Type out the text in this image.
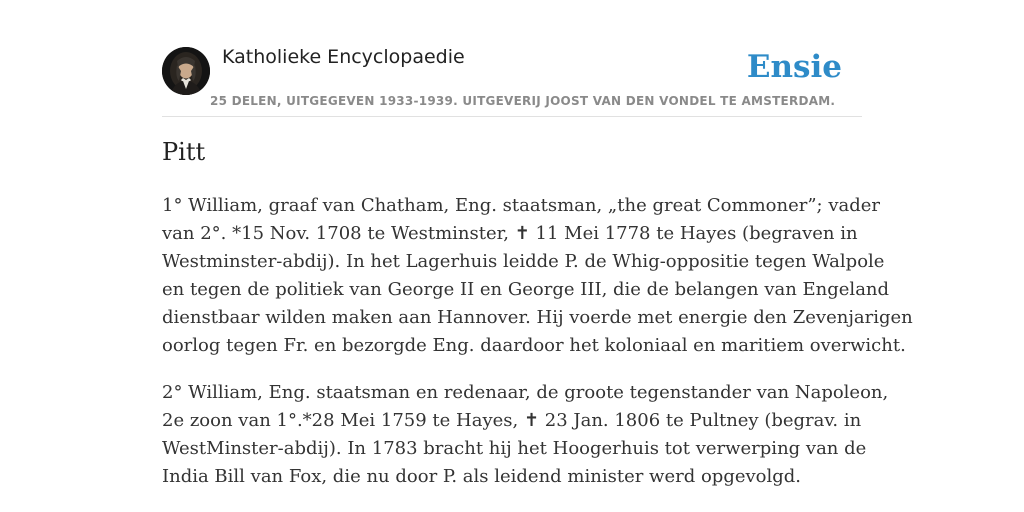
Katholieke Encyclopaedie
25 DELEN, UITGEGEVEN 1933-1939. UITGEVERIJ JOOST VAN DEN VONDEL TE AMSTERDAM.
Ensie
Pitt

1° William, graaf van Chatham, Eng. staatsman, „the great Commoner”; vader
van 2°. *15 Nov. 1708 te Westminster, ✝ 11 Mei 1778 te Hayes (begraven in
Westminster-abdij). In het Lagerhuis leidde P. de Whig-oppositie tegen Walpole
en tegen de politiek van George II en George III, die de belangen van Engeland
dienstbaar wilden maken aan Hannover. Hij voerde met energie den Zevenjarigen
oorlog tegen Fr. en bezorgde Eng. daardoor het koloniaal en maritiem overwicht.

2° William, Eng. staatsman en redenaar, de groote tegenstander van Napoleon,
2e zoon van 1°.*28 Mei 1759 te Hayes, ✝ 23 Jan. 1806 te Pultney (begrav. in
WestMinster-abdij). In 1783 bracht hij het Hoogerhuis tot verwerping van de
India Bill van Fox, die nu door P. als leidend minister werd opgevolgd.
